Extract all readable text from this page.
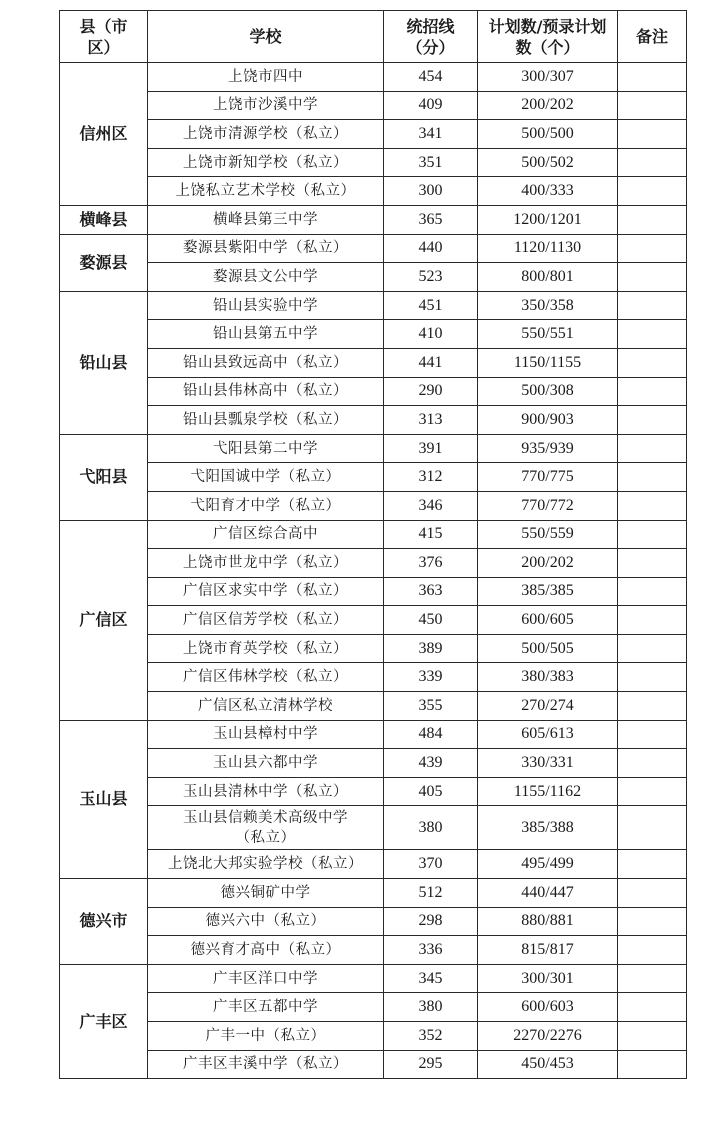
县（市区）	学校	统招线（分）	计划数/预录计划数（个）	备注
信州区	上饶市四中	454	300/307	
	上饶市沙溪中学	409	200/202	
	上饶市清源学校（私立）	341	500/500	
	上饶市新知学校（私立）	351	500/502	
	上饶私立艺术学校（私立）	300	400/333	
横峰县	横峰县第三中学	365	1200/1201	
婺源县	婺源县紫阳中学（私立）	440	1120/1130	
	婺源县文公中学	523	800/801	
铅山县	铅山县实验中学	451	350/358	
	铅山县第五中学	410	550/551	
	铅山县致远高中（私立）	441	1150/1155	
	铅山县伟林高中（私立）	290	500/308	
	铅山县瓢泉学校（私立）	313	900/903	
弋阳县	弋阳县第二中学	391	935/939	
	弋阳国诚中学（私立）	312	770/775	
	弋阳育才中学（私立）	346	770/772	
广信区	广信区综合高中	415	550/559	
	上饶市世龙中学（私立）	376	200/202	
	广信区求实中学（私立）	363	385/385	
	广信区信芳学校（私立）	450	600/605	
	上饶市育英学校（私立）	389	500/505	
	广信区伟林学校（私立）	339	380/383	
	广信区私立清林学校	355	270/274	
玉山县	玉山县樟村中学	484	605/613	
	玉山县六都中学	439	330/331	
	玉山县清林中学（私立）	405	1155/1162	
	玉山县信赖美术高级中学（私立）	380	385/388	
	上饶北大邦实验学校（私立）	370	495/499	
德兴市	德兴铜矿中学	512	440/447	
	德兴六中（私立）	298	880/881	
	德兴育才高中（私立）	336	815/817	
广丰区	广丰区洋口中学	345	300/301	
	广丰区五都中学	380	600/603	
	广丰一中（私立）	352	2270/2276	
	广丰区丰溪中学（私立）	295	450/453	
